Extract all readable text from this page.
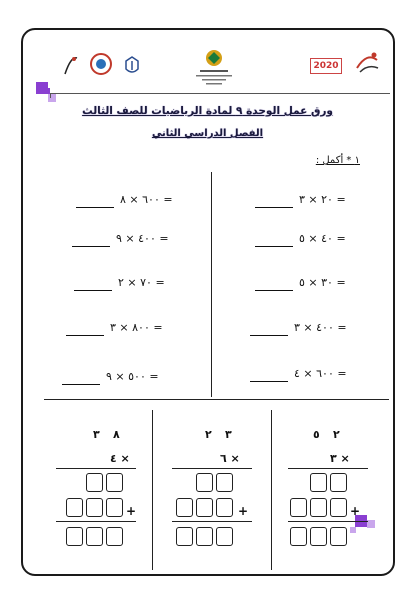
2020
ورق عمل الوحدة ٩ لمادة الرياضيات للصف الثالث
الفصل الدراسي الثاني
١ * أكمل :
٢٠ × ٣ =
٤٠ × ٥ =
٣٠ × ٥ =
٤٠٠ × ٣ =
٦٠٠ × ٤ =
٦٠٠ × ٨ =
٤٠٠ × ٩ =
٧٠ × ٢ =
٨٠٠ × ٣ =
٥٠٠ × ٩ =
٥ ٢
× ٣
+
٢ ٣
× ٦
+
٣ ٨
× ٤
+
